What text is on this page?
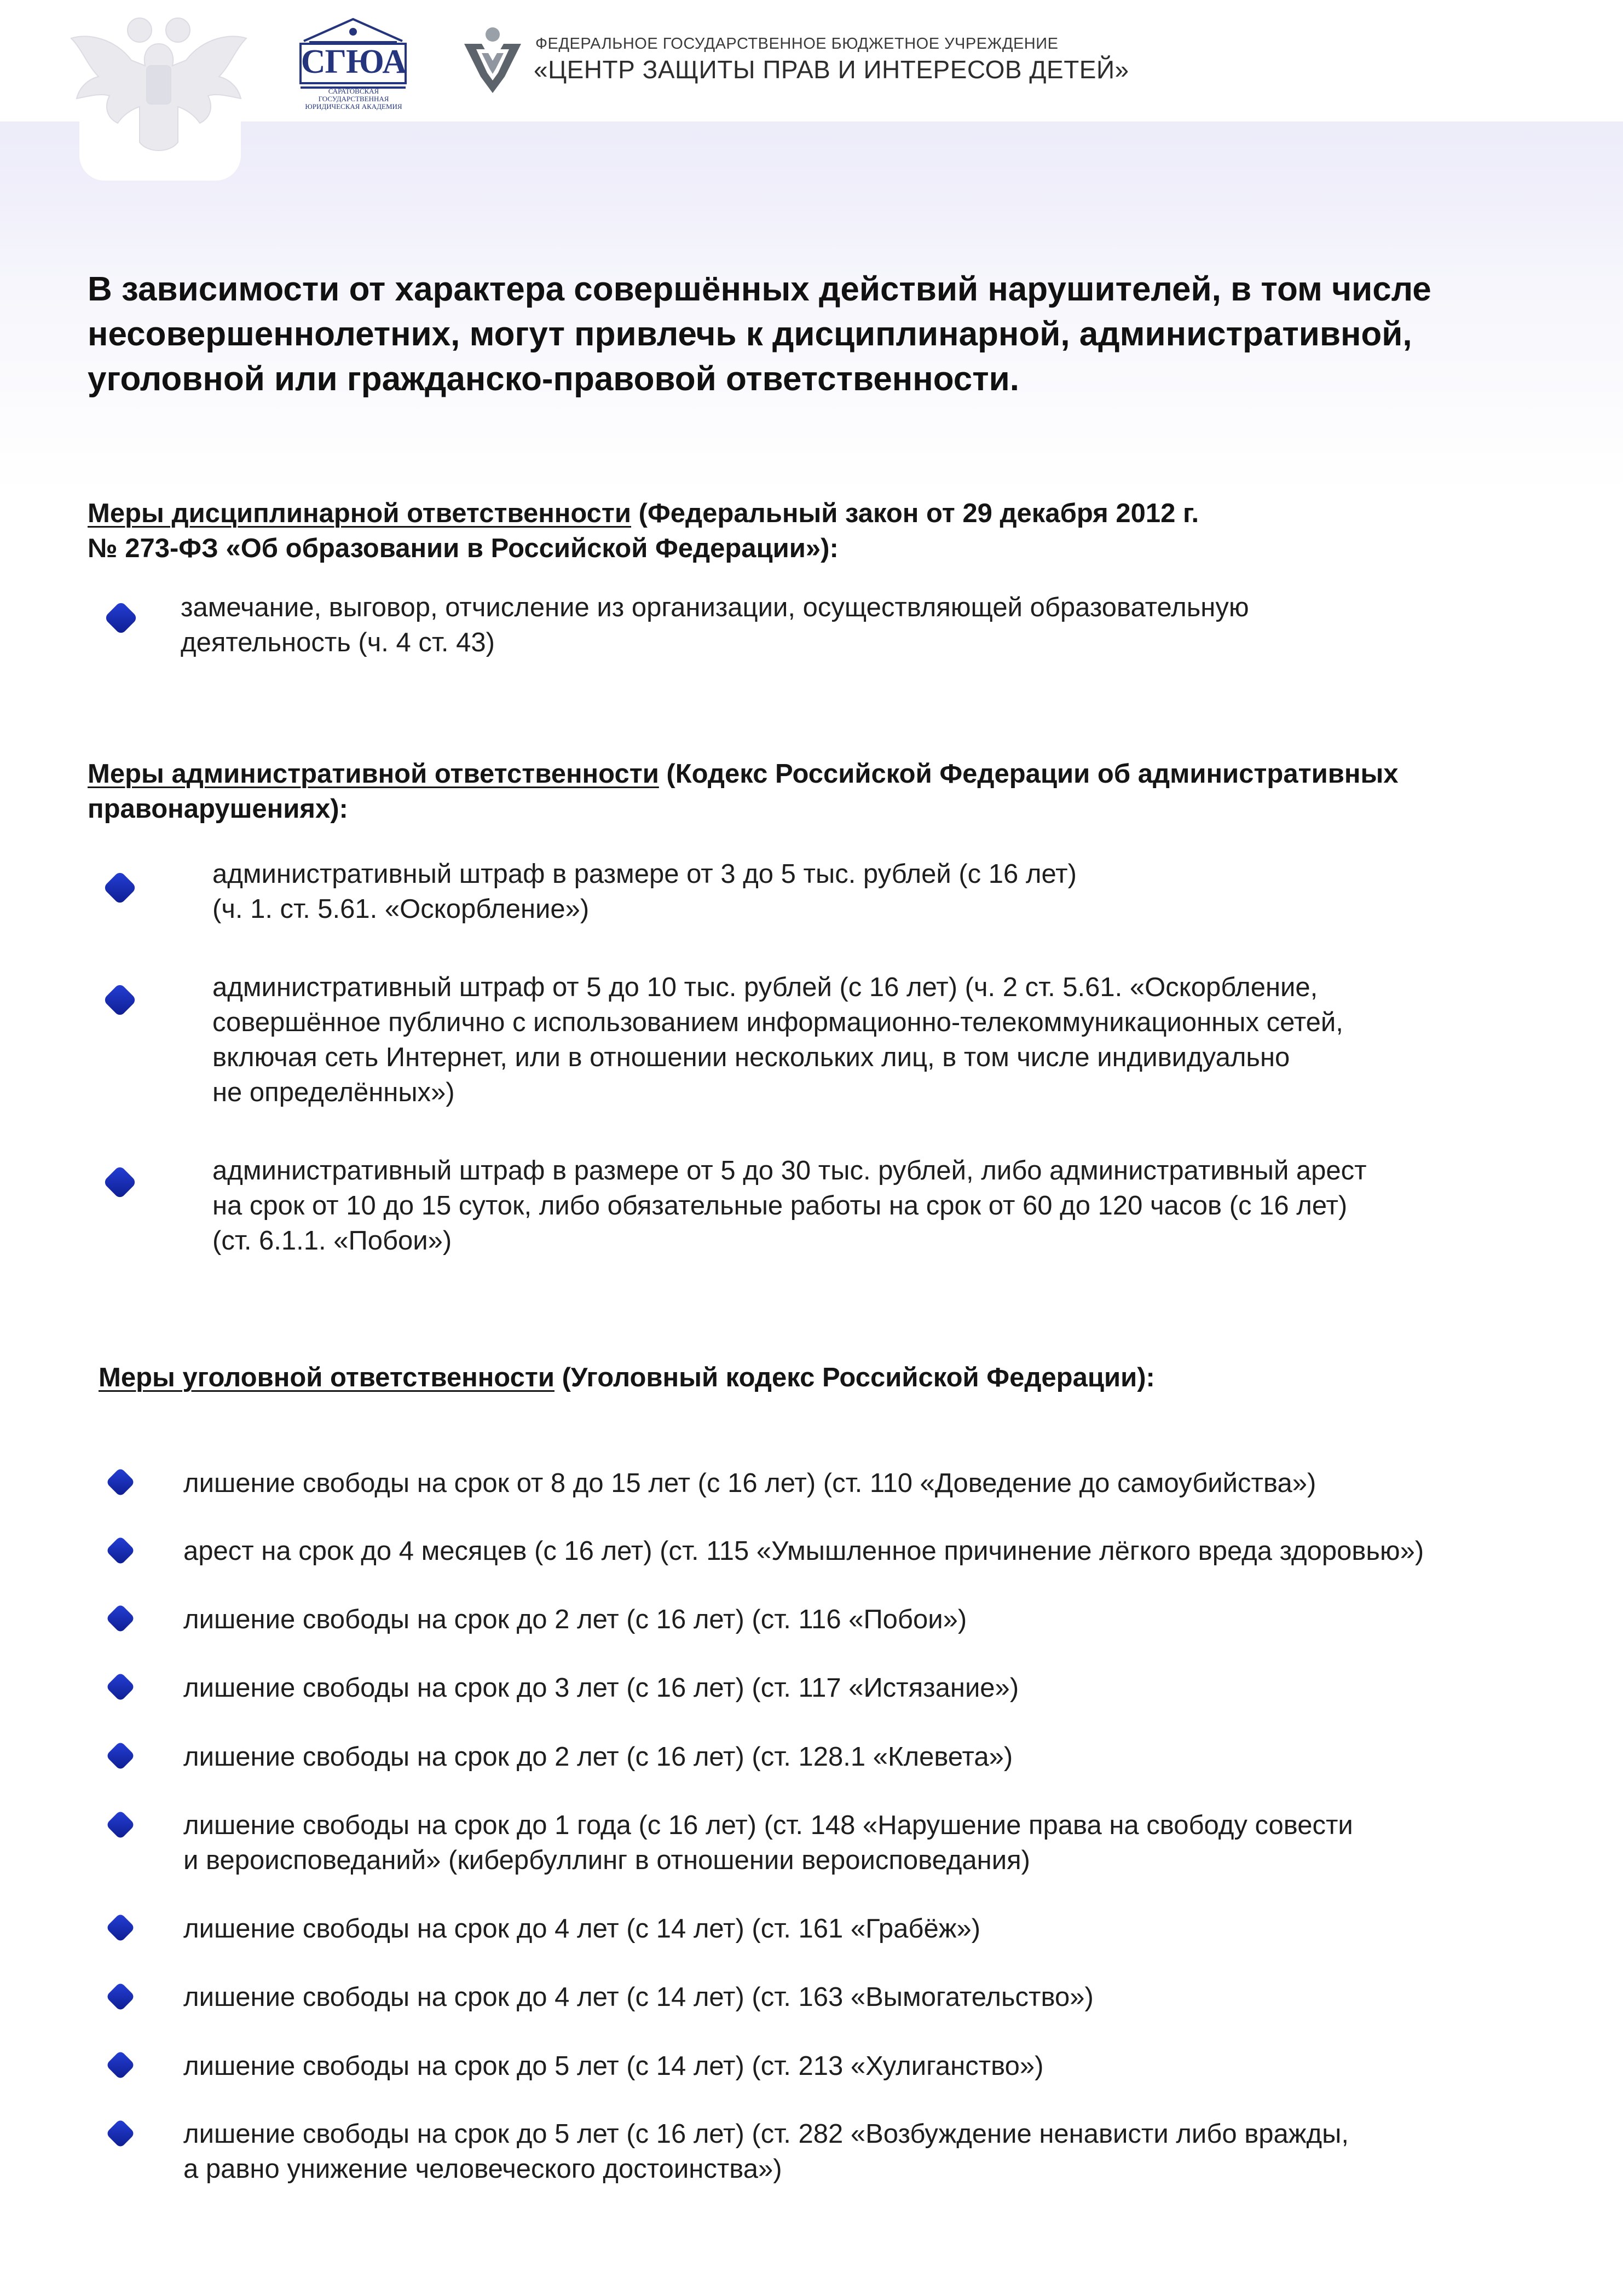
СГЮА
САРАТОВСКАЯ ГОСУДАРСТВЕННАЯ ЮРИДИЧЕСКАЯ АКАДЕМИЯ
ФЕДЕРАЛЬНОЕ ГОСУДАРСТВЕННОЕ БЮДЖЕТНОЕ УЧРЕЖДЕНИЕ
«ЦЕНТР ЗАЩИТЫ ПРАВ И ИНТЕРЕСОВ ДЕТЕЙ»
В зависимости от характера совершённых действий нарушителей, в том числе
несовершеннолетних, могут привлечь к дисциплинарной, административной,
уголовной или гражданско-правовой ответственности.
Меры дисциплинарной ответственности (Федеральный закон от 29 декабря 2012 г.
№ 273-ФЗ «Об образовании в Российской Федерации»):
замечание, выговор, отчисление из организации, осуществляющей образовательную
деятельность (ч. 4 ст. 43)
Меры административной ответственности (Кодекс Российской Федерации об административных
правонарушениях):
административный штраф в размере от 3 до 5 тыс. рублей (с 16 лет)
(ч. 1. ст. 5.61. «Оскорбление»)
административный штраф от 5 до 10 тыс. рублей (с 16 лет) (ч. 2 ст. 5.61. «Оскорбление,
совершённое публично с использованием информационно-телекоммуникационных сетей,
включая сеть Интернет, или в отношении нескольких лиц, в том числе индивидуально
не определённых»)
административный штраф в размере от 5 до 30 тыс. рублей, либо административный арест
на срок от 10 до 15 суток, либо обязательные работы на срок от 60 до 120 часов (с 16 лет)
(ст. 6.1.1. «Побои»)
Меры уголовной ответственности (Уголовный кодекс Российской Федерации):
лишение свободы на срок от 8 до 15 лет (с 16 лет) (ст. 110 «Доведение до самоубийства»)
арест на срок до 4 месяцев (с 16 лет) (ст. 115 «Умышленное причинение лёгкого вреда здоровью»)
лишение свободы на срок до 2 лет (с 16 лет) (ст. 116 «Побои»)
лишение свободы на срок до 3 лет (с 16 лет) (ст. 117 «Истязание»)
лишение свободы на срок до 2 лет (с 16 лет) (ст. 128.1 «Клевета»)
лишение свободы на срок до 1 года (с 16 лет) (ст. 148 «Нарушение права на свободу совести
и вероисповеданий» (кибербуллинг в отношении вероисповедания)
лишение свободы на срок до 4 лет (с 14 лет) (ст. 161 «Грабёж»)
лишение свободы на срок до 4 лет (с 14 лет) (ст. 163 «Вымогательство»)
лишение свободы на срок до 5 лет (с 14 лет) (ст. 213 «Хулиганство»)
лишение свободы на срок до 5 лет (с 16 лет) (ст. 282 «Возбуждение ненависти либо вражды,
а равно унижение человеческого достоинства»)
